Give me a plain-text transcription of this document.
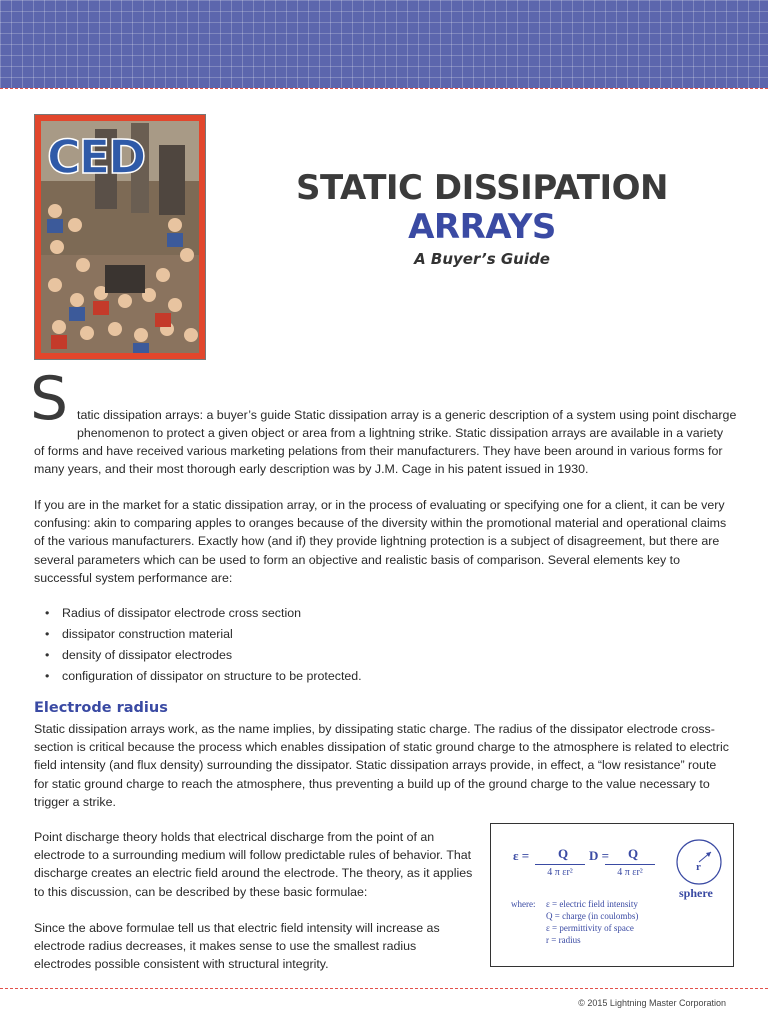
CED
STATIC DISSIPATION
ARRAYS
A Buyer’s Guide
S tatic dissipation arrays: a buyer’s guide Static dissipation array is a generic description of a system using point discharge
phenomenon to protect a given object or area from a lightning strike. Static dissipation arrays are available in a variety
of forms and have received various marketing pelations from their manufacturers. They have been around in various forms for many years, and their most thorough early description was by J.M. Cage in his patent issued in 1930.
If you are in the market for a static dissipation array, or in the process of evaluating or specifying one for a client, it can be very confusing: akin to comparing apples to oranges because of the diversity within the promotional material and operational claims of the various manufacturers. Exactly how (and if) they provide lightning protection is a subject of disagreement, but there are several parameters which can be used to form an objective and realistic basis of comparison. Several elements key to successful system performance are:
• Radius of dissipator electrode cross section
• dissipator construction material
• density of dissipator electrodes
• configuration of dissipator on structure to be protected.
Electrode radius
Static dissipation arrays work, as the name implies, by dissipating static charge. The radius of the dissipator electrode cross-section is critical because the process which enables dissipation of static ground charge to the atmosphere is related to electric field intensity (and flux density) surrounding the dissipator. Static dissipation arrays provide, in effect, a “low resistance” route for static ground charge to reach the atmosphere, thus preventing a build up of the ground charge to the value necessary to trigger a strike.
Point discharge theory holds that electrical discharge from the point of an electrode to a surrounding medium will follow predictable rules of behavior. That discharge creates an electric field around the electrode. The theory, as it applies to this discussion, can be described by these basic formulae:
Since the above formulae tell us that electric field intensity will increase as electrode radius decreases, it makes sense to use the smallest radius electrodes possible consistent with structural integrity.
ε =	Q
4 π εr²
D =	Q
4 π εr²	r
sphere
where: ε = electric field intensity
Q = charge (in coulombs)
ε = permittivity of space
r = radius
© 2015 Lightning Master Corporation
